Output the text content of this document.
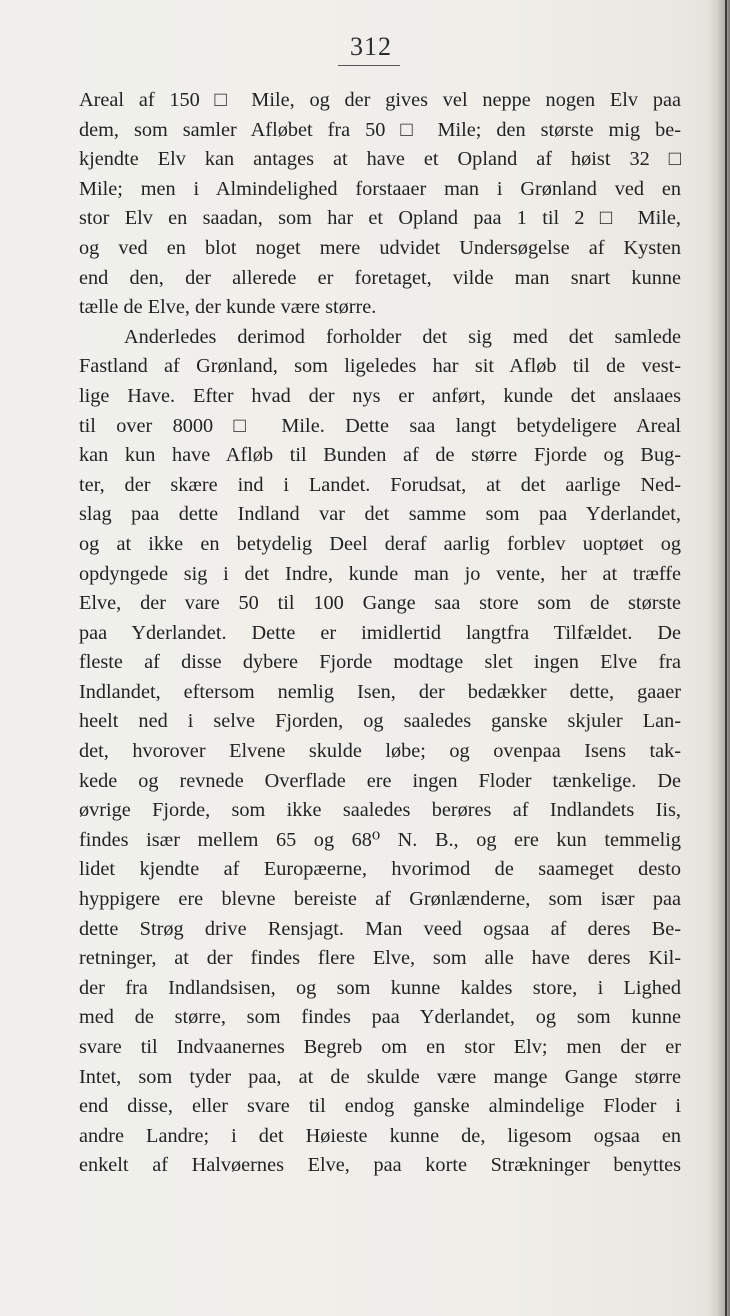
312
Areal af 150 □ Mile, og der gives vel neppe nogen Elv paa
dem, som samler Afløbet fra 50 □ Mile; den største mig be-
kjendte Elv kan antages at have et Opland af høist 32 □
Mile; men i Almindelighed forstaaer man i Grønland ved en
stor Elv en saadan, som har et Opland paa 1 til 2 □ Mile,
og ved en blot noget mere udvidet Undersøgelse af Kysten
end den, der allerede er foretaget, vilde man snart kunne
tælle de Elve, der kunde være større.
Anderledes derimod forholder det sig med det samlede
Fastland af Grønland, som ligeledes har sit Afløb til de vest-
lige Have. Efter hvad der nys er anført, kunde det anslaaes
til over 8000 □ Mile. Dette saa langt betydeligere Areal
kan kun have Afløb til Bunden af de større Fjorde og Bug-
ter, der skære ind i Landet. Forudsat, at det aarlige Ned-
slag paa dette Indland var det samme som paa Yderlandet,
og at ikke en betydelig Deel deraf aarlig forblev uoptøet og
opdyngede sig i det Indre, kunde man jo vente, her at træffe
Elve, der vare 50 til 100 Gange saa store som de største
paa Yderlandet. Dette er imidlertid langtfra Tilfældet. De
fleste af disse dybere Fjorde modtage slet ingen Elve fra
Indlandet, eftersom nemlig Isen, der bedækker dette, gaaer
heelt ned i selve Fjorden, og saaledes ganske skjuler Lan-
det, hvorover Elvene skulde løbe; og ovenpaa Isens tak-
kede og revnede Overflade ere ingen Floder tænkelige. De
øvrige Fjorde, som ikke saaledes berøres af Indlandets Iis,
findes især mellem 65 og 68⁰ N. B., og ere kun temmelig
lidet kjendte af Europæerne, hvorimod de saameget desto
hyppigere ere blevne bereiste af Grønlænderne, som især paa
dette Strøg drive Rensjagt. Man veed ogsaa af deres Be-
retninger, at der findes flere Elve, som alle have deres Kil-
der fra Indlandsisen, og som kunne kaldes store, i Lighed
med de større, som findes paa Yderlandet, og som kunne
svare til Indvaanernes Begreb om en stor Elv; men der er
Intet, som tyder paa, at de skulde være mange Gange større
end disse, eller svare til endog ganske almindelige Floder i
andre Landre; i det Høieste kunne de, ligesom ogsaa en
enkelt af Halvøernes Elve, paa korte Strækninger benyttes
